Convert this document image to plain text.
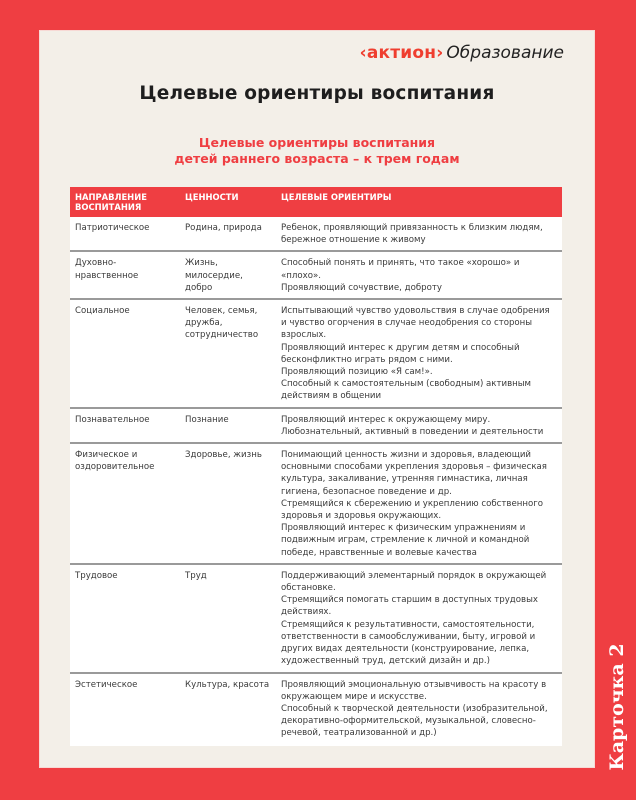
‹актион› Образование
Целевые ориентиры воспитания
Целевые ориентиры воспитания
детей раннего возраста – к трем годам
НАПРАВЛЕНИЕ ВОСПИТАНИЯ	ЦЕННОСТИ	ЦЕЛЕВЫЕ ОРИЕНТИРЫ
Патриотическое	Родина, природа	Ребенок, проявляющий привязанность к близким людям, бережное отношение к живому

Духовно-нравственное	Жизнь, милосердие, добро	Способный понять и принять, что такое «хорошо» и «плохо».
Проявляющий сочувствие, доброту

Социальное	Человек, семья, дружба, сотрудничество	Испытывающий чувство удовольствия в случае одобрения и чувство огорчения в случае неодобрения со стороны взрослых.
Проявляющий интерес к другим детям и способный бесконфликтно играть рядом с ними.
Проявляющий позицию «Я сам!».
Способный к самостоятельным (свободным) активным действиям в общении

Познавательное	Познание	Проявляющий интерес к окружающему миру. Любознательный, активный в поведении и деятельности

Физическое и оздоровительное	Здоровье, жизнь	Понимающий ценность жизни и здоровья, владеющий основными способами укрепления здоровья – физическая культура, закаливание, утренняя гимнастика, личная гигиена, безопасное поведение и др.
Стремящийся к сбережению и укреплению собственного здоровья и здоровья окружающих.
Проявляющий интерес к физическим упражнениям и подвижным играм, стремление к личной и командной победе, нравственные и волевые качества

Трудовое	Труд	Поддерживающий элементарный порядок в окружающей обстановке.
Стремящийся помогать старшим в доступных трудовых действиях.
Стремящийся к результативности, самостоятельности, ответственности в самообслуживании, быту, игровой и других видах деятельности (конструирование, лепка, художественный труд, детский дизайн и др.)

Эстетическое	Культура, красота	Проявляющий эмоциональную отзывчивость на красоту в окружающем мире и искусстве.
Способный к творческой деятельности (изобразительной, декоративно-оформительской, музыкальной, словесно-речевой, театрализованной и др.)	Карточка 2
